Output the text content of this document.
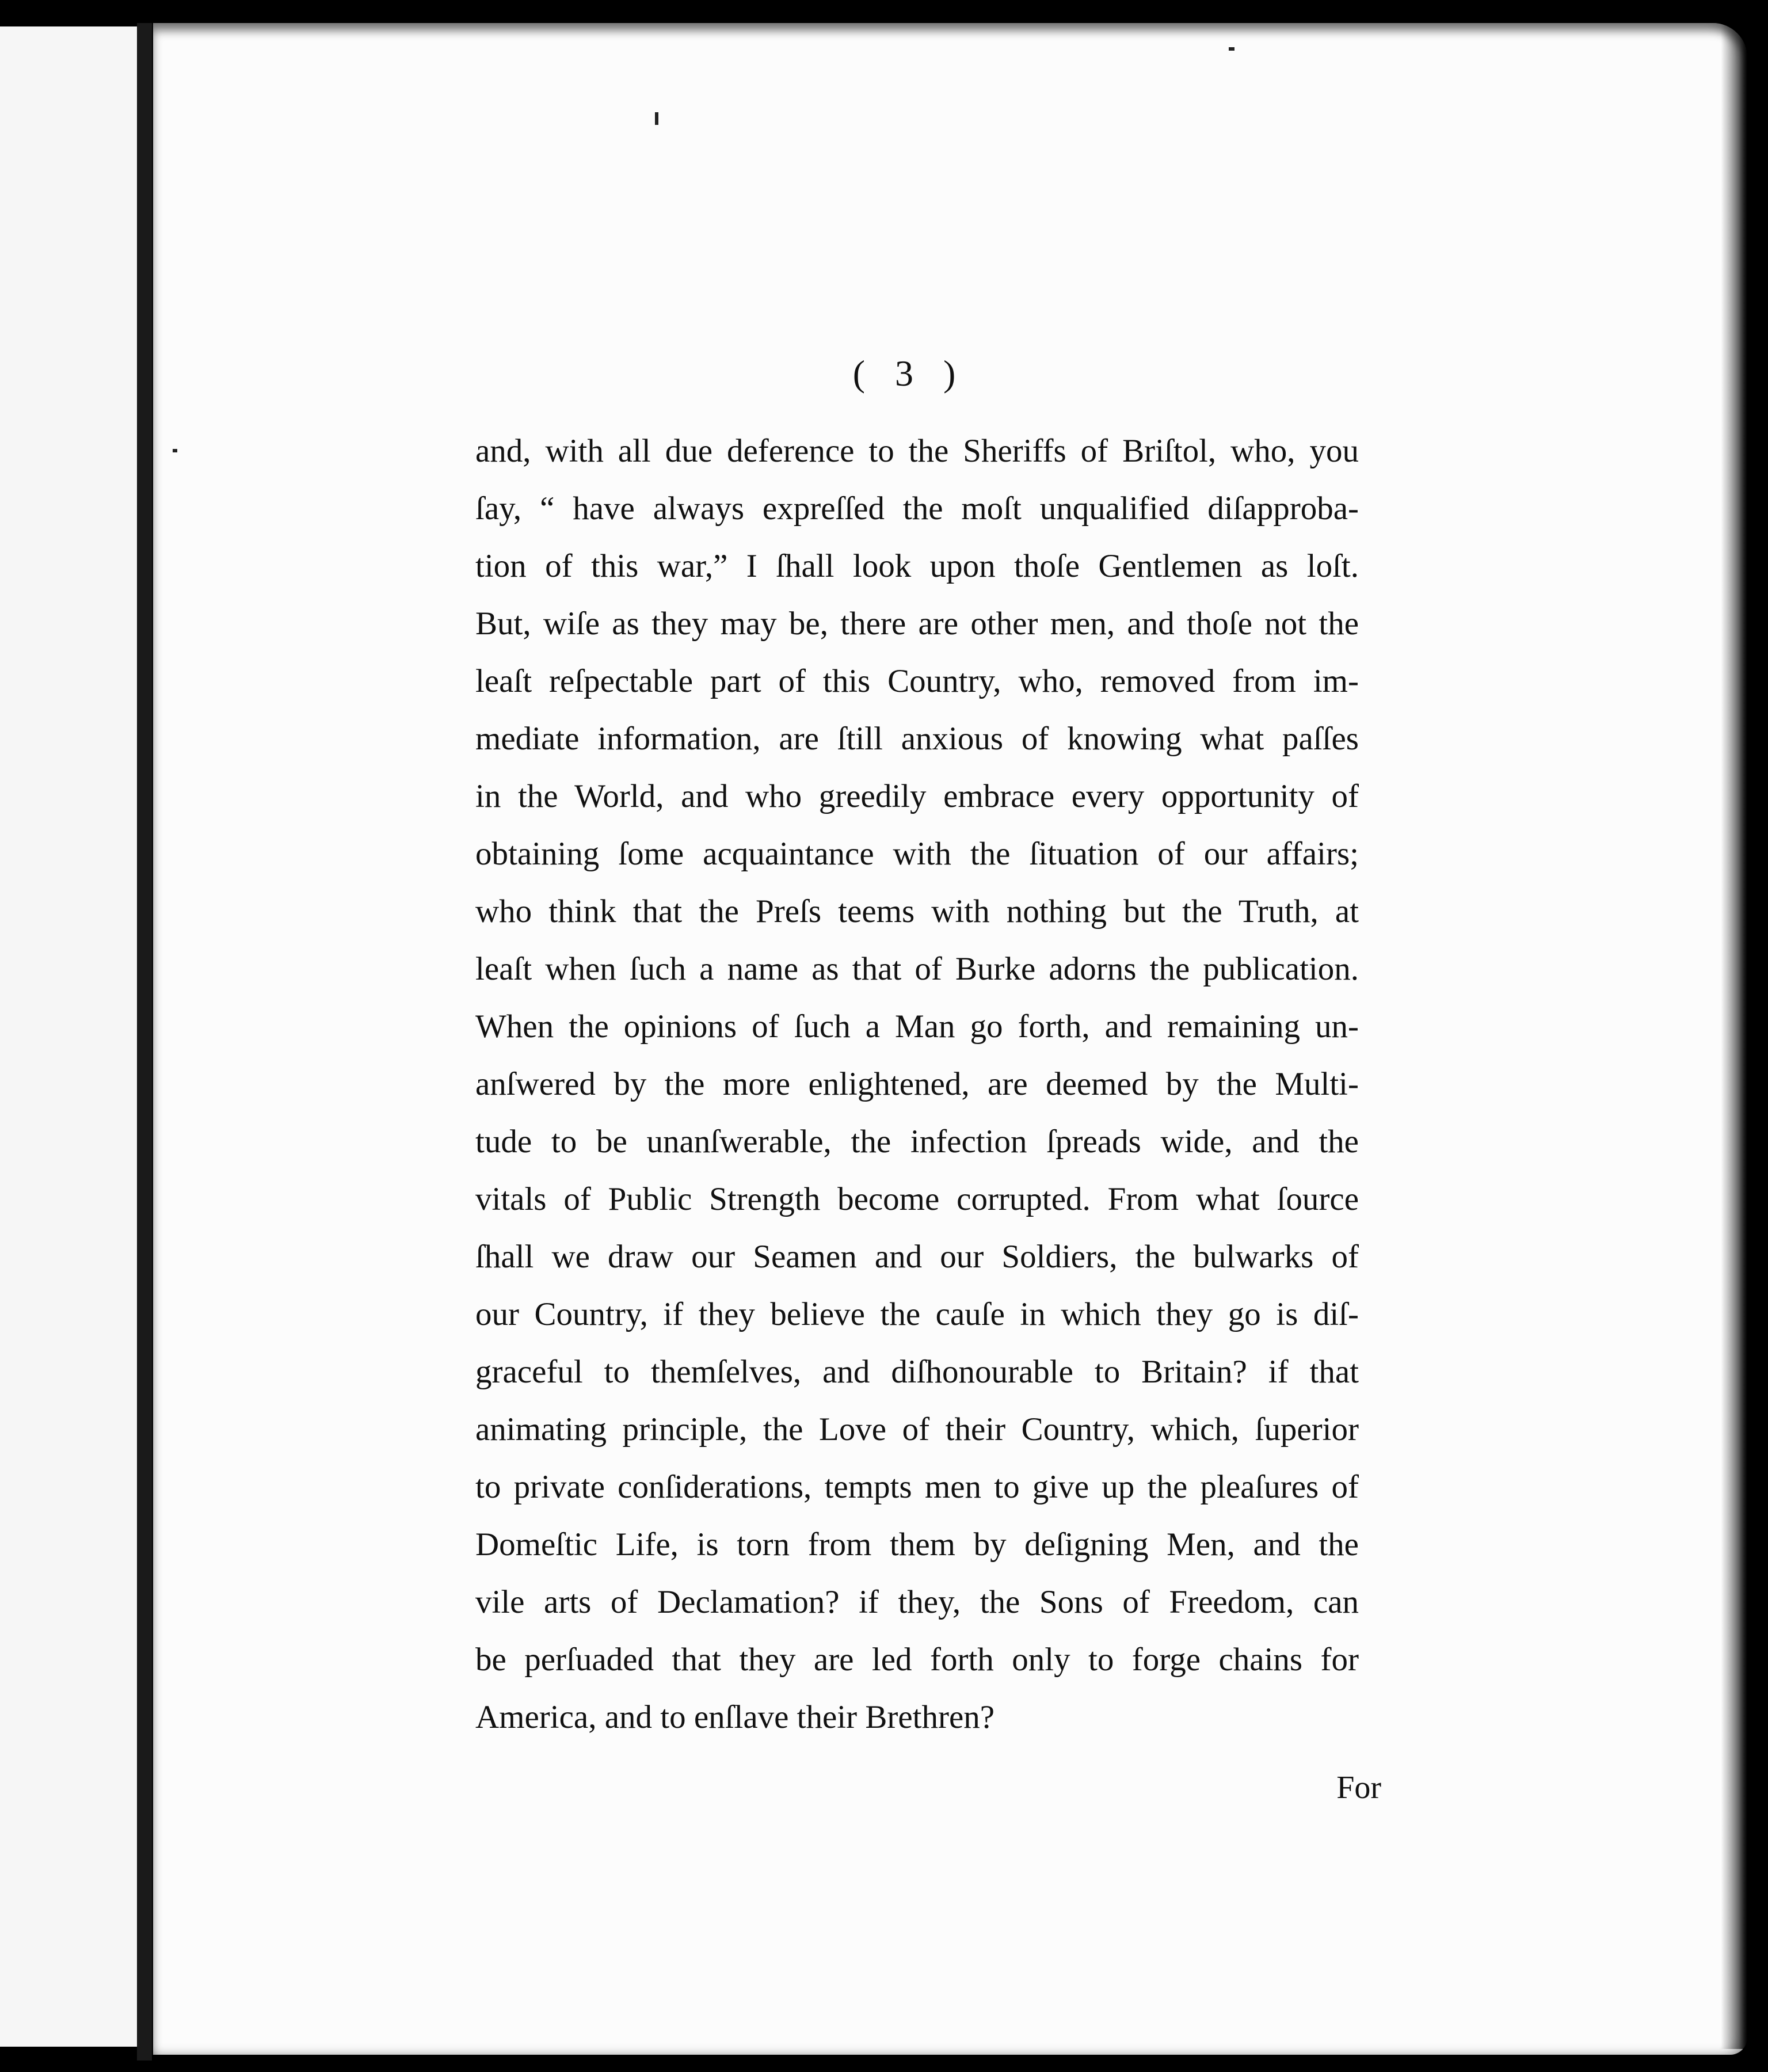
( 3 )
and, with all due deference to the Sheriffs of Briſtol, who, you
ſay, “ have always expreſſed the moſt unqualified diſapproba-
tion of this war,” I ſhall look upon thoſe Gentlemen as loſt.
But, wiſe as they may be, there are other men, and thoſe not the
leaſt reſpectable part of this Country, who, removed from im-
mediate information, are ſtill anxious of knowing what paſſes
in the World, and who greedily embrace every opportunity of
obtaining ſome acquaintance with the ſituation of our affairs;
who think that the Preſs teems with nothing but the Truth, at
leaſt when ſuch a name as that of Burke adorns the publication.
When the opinions of ſuch a Man go forth, and remaining un-
anſwered by the more enlightened, are deemed by the Multi-
tude to be unanſwerable, the infection ſpreads wide, and the
vitals of Public Strength become corrupted. From what ſource
ſhall we draw our Seamen and our Soldiers, the bulwarks of
our Country, if they believe the cauſe in which they go is diſ-
graceful to themſelves, and diſhonourable to Britain? if that
animating principle, the Love of their Country, which, ſuperior
to private conſiderations, tempts men to give up the pleaſures of
Domeſtic Life, is torn from them by deſigning Men, and the
vile arts of Declamation? if they, the Sons of Freedom, can
be perſuaded that they are led forth only to forge chains for
America, and to enſlave their Brethren?
For
